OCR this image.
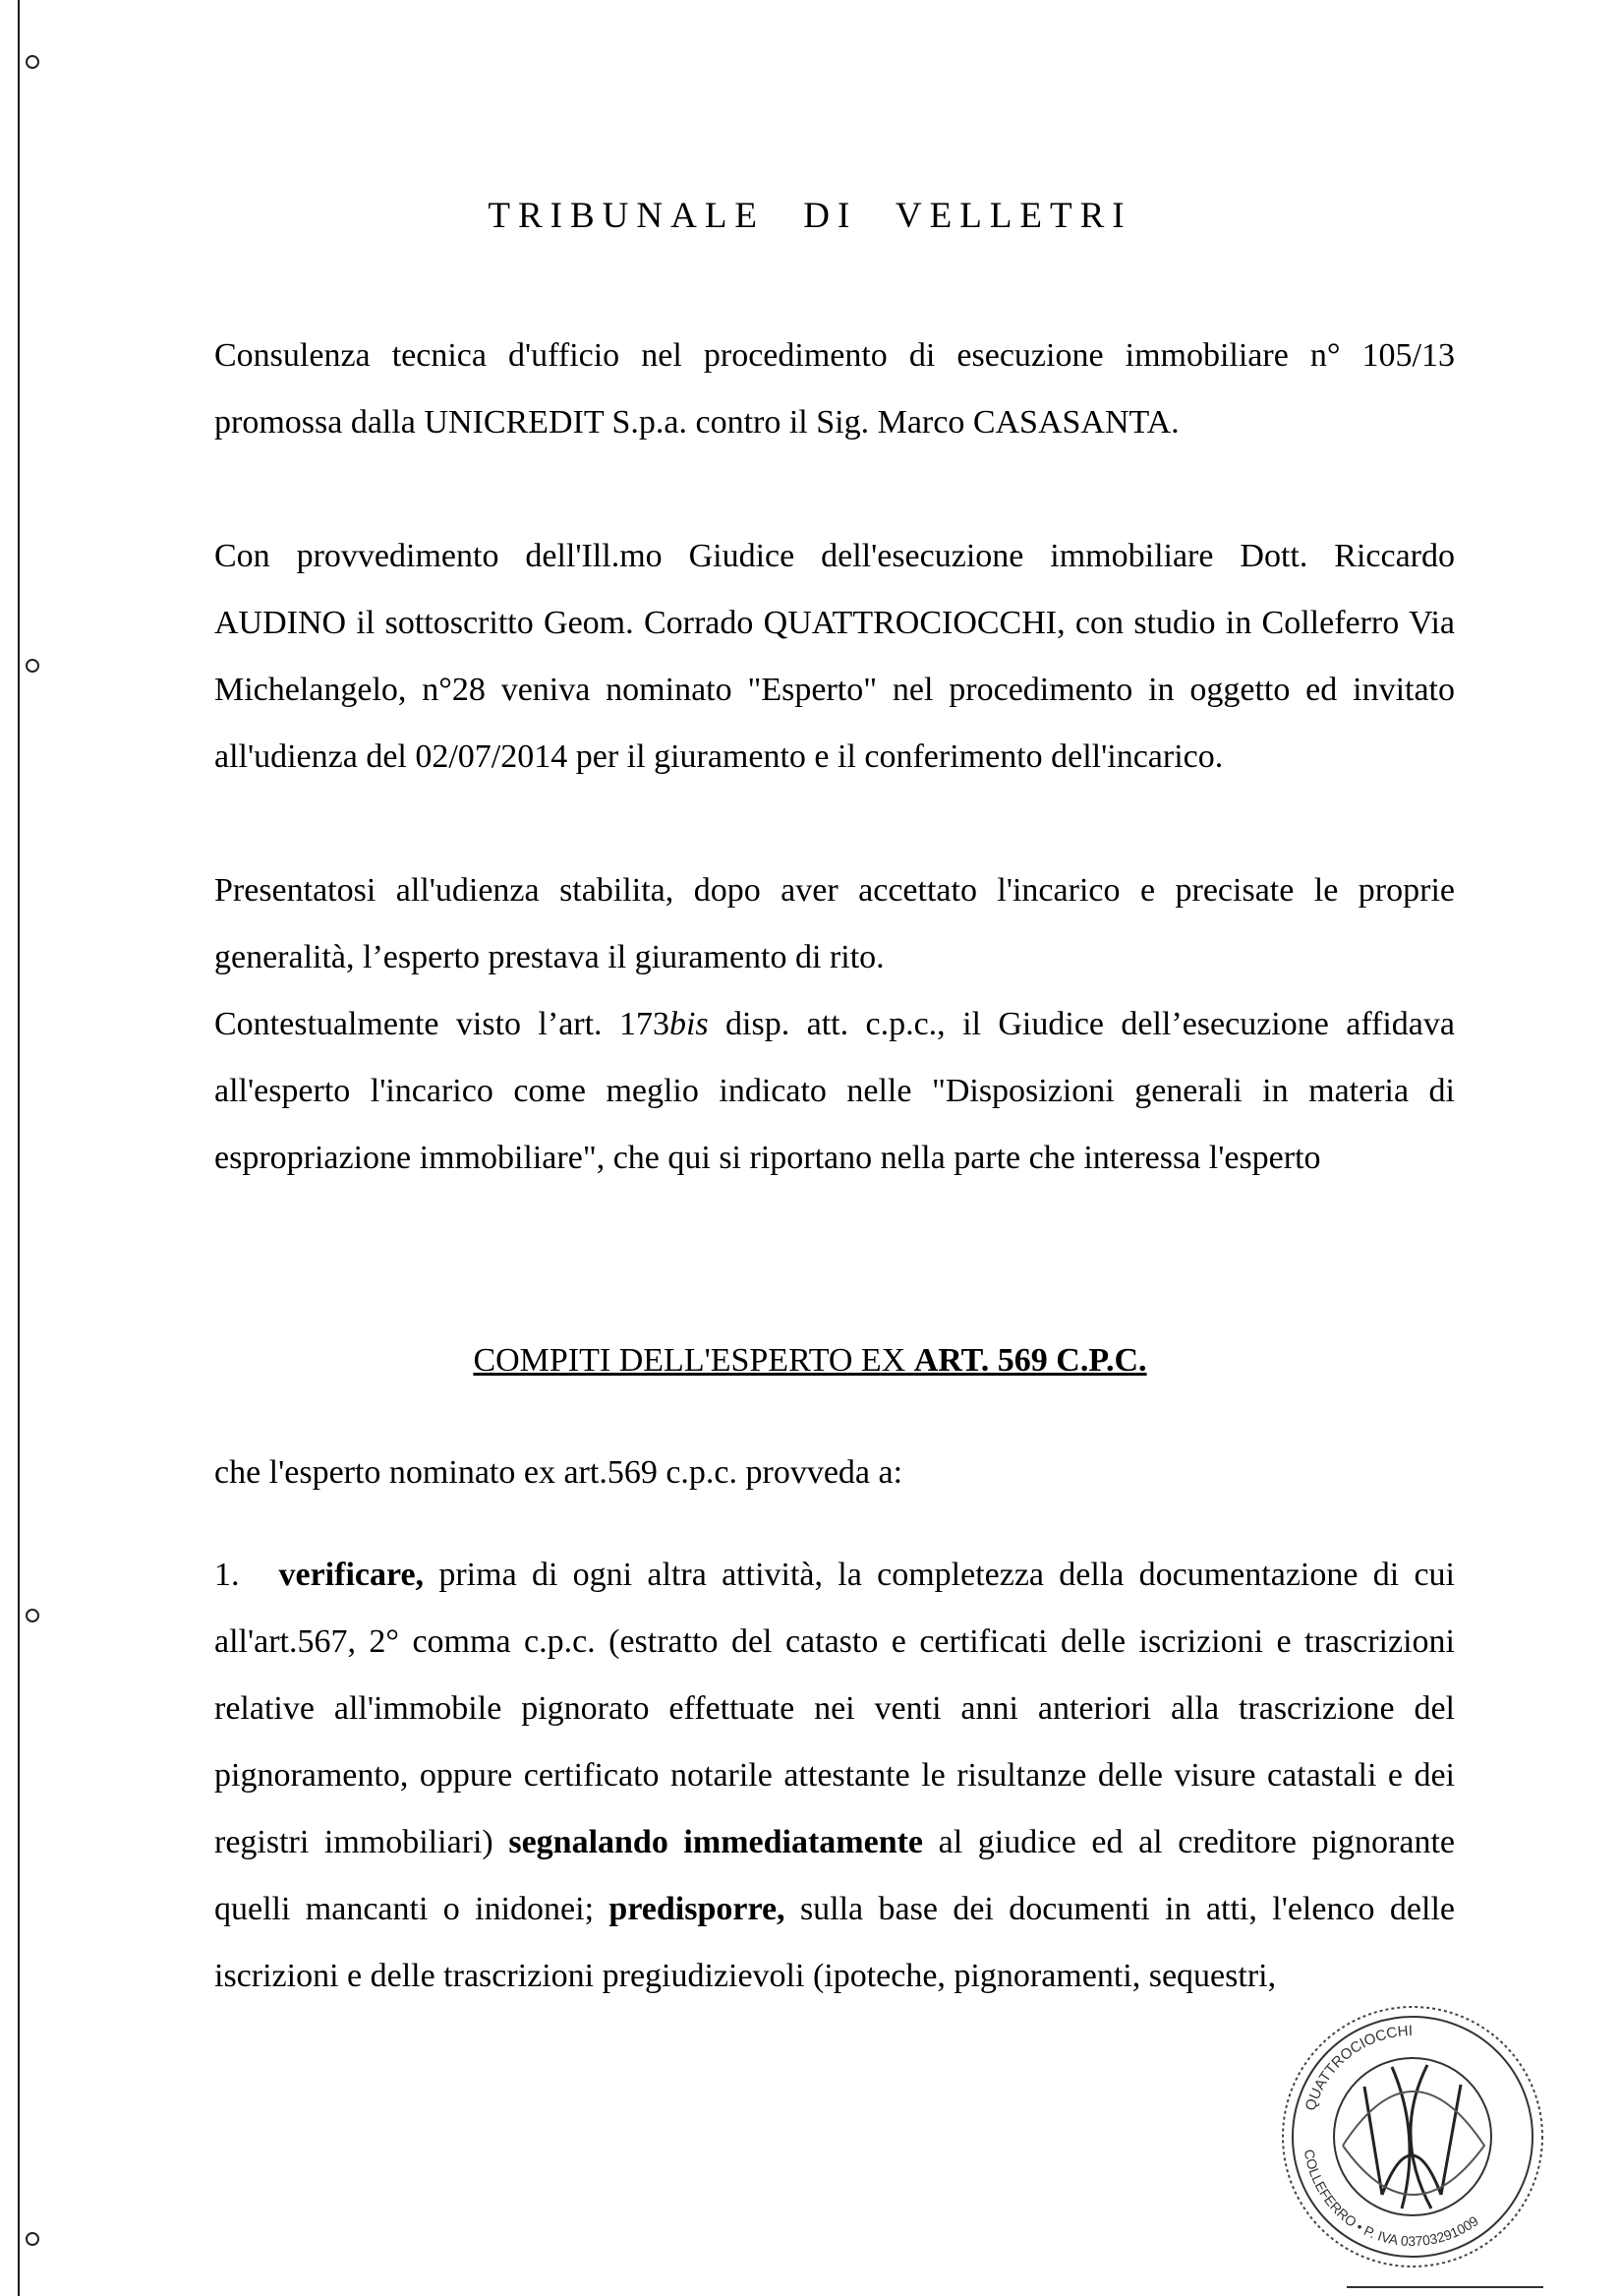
TRIBUNALE DI VELLETRI

Consulenza tecnica d'ufficio nel procedimento di esecuzione immobiliare n° 105/13 promossa dalla UNICREDIT S.p.a. contro il Sig. Marco CASASANTA.

Con provvedimento dell'Ill.mo Giudice dell'esecuzione immobiliare Dott. Riccardo AUDINO il sottoscritto Geom. Corrado QUATTROCIOCCHI, con studio in Colleferro Via Michelangelo, n°28 veniva nominato "Esperto" nel procedimento in oggetto ed invitato all'udienza del 02/07/2014 per il giuramento e il conferimento dell'incarico.

Presentatosi all'udienza stabilita, dopo aver accettato l'incarico e precisate le proprie generalità, l’esperto prestava il giuramento di rito.

Contestualmente visto l’art. 173bis disp. att. c.p.c., il Giudice dell’esecuzione affidava all'esperto l'incarico come meglio indicato nelle "Disposizioni generali in materia di espropriazione immobiliare", che qui si riportano nella parte che interessa l'esperto

COMPITI DELL'ESPERTO EX ART. 569 C.P.C.

che l'esperto nominato ex art.569 c.p.c. provveda a:

1. verificare, prima di ogni altra attività, la completezza della documentazione di cui all'art.567, 2° comma c.p.c. (estratto del catasto e certificati delle iscrizioni e trascrizioni relative all'immobile pignorato effettuate nei venti anni anteriori alla trascrizione del pignoramento, oppure certificato notarile attestante le risultanze delle visure catastali e dei registri immobiliari) segnalando immediatamente al giudice ed al creditore pignorante quelli mancanti o inidonei; predisporre, sulla base dei documenti in atti, l'elenco delle iscrizioni e delle trascrizioni pregiudizievoli (ipoteche, pignoramenti, sequestri,

QUATTROCIOCCHI
COLLEFERRO • P. IVA 03703291009
